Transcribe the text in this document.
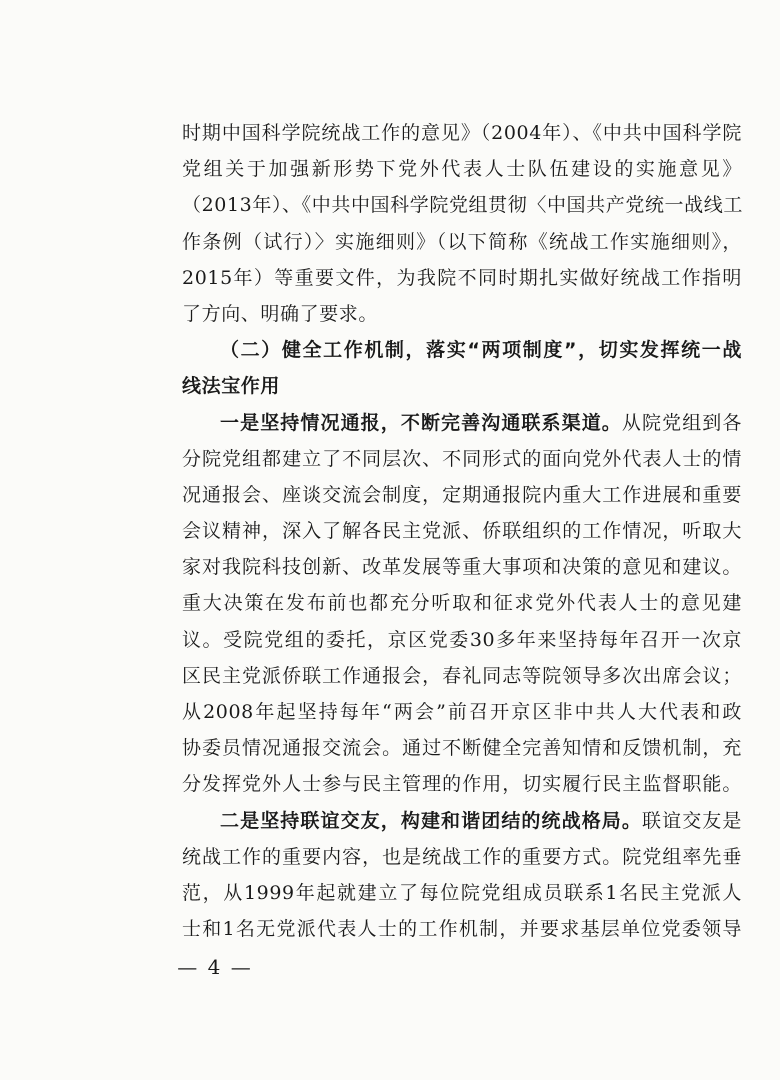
时期中国科学院统战工作的意见》（2004年）、《中共中国科学院
党组关于加强新形势下党外代表人士队伍建设的实施意见》
（2013年）、《中共中国科学院党组贯彻〈中国共产党统一战线工
作条例（试行）〉实施细则》（以下简称《统战工作实施细则》，
2015年）等重要文件，为我院不同时期扎实做好统战工作指明
了方向、明确了要求。
（二）健全工作机制，落实“两项制度”，切实发挥统一战
线法宝作用
一是坚持情况通报，不断完善沟通联系渠道。从院党组到各
分院党组都建立了不同层次、不同形式的面向党外代表人士的情
况通报会、座谈交流会制度，定期通报院内重大工作进展和重要
会议精神，深入了解各民主党派、侨联组织的工作情况，听取大
家对我院科技创新、改革发展等重大事项和决策的意见和建议。
重大决策在发布前也都充分听取和征求党外代表人士的意见建
议。受院党组的委托，京区党委30多年来坚持每年召开一次京
区民主党派侨联工作通报会，春礼同志等院领导多次出席会议；
从2008年起坚持每年“两会”前召开京区非中共人大代表和政
协委员情况通报交流会。通过不断健全完善知情和反馈机制，充
分发挥党外人士参与民主管理的作用，切实履行民主监督职能。
二是坚持联谊交友，构建和谐团结的统战格局。联谊交友是
统战工作的重要内容，也是统战工作的重要方式。院党组率先垂
范，从1999年起就建立了每位院党组成员联系1名民主党派人
士和1名无党派代表人士的工作机制，并要求基层单位党委领导
— 4 —
